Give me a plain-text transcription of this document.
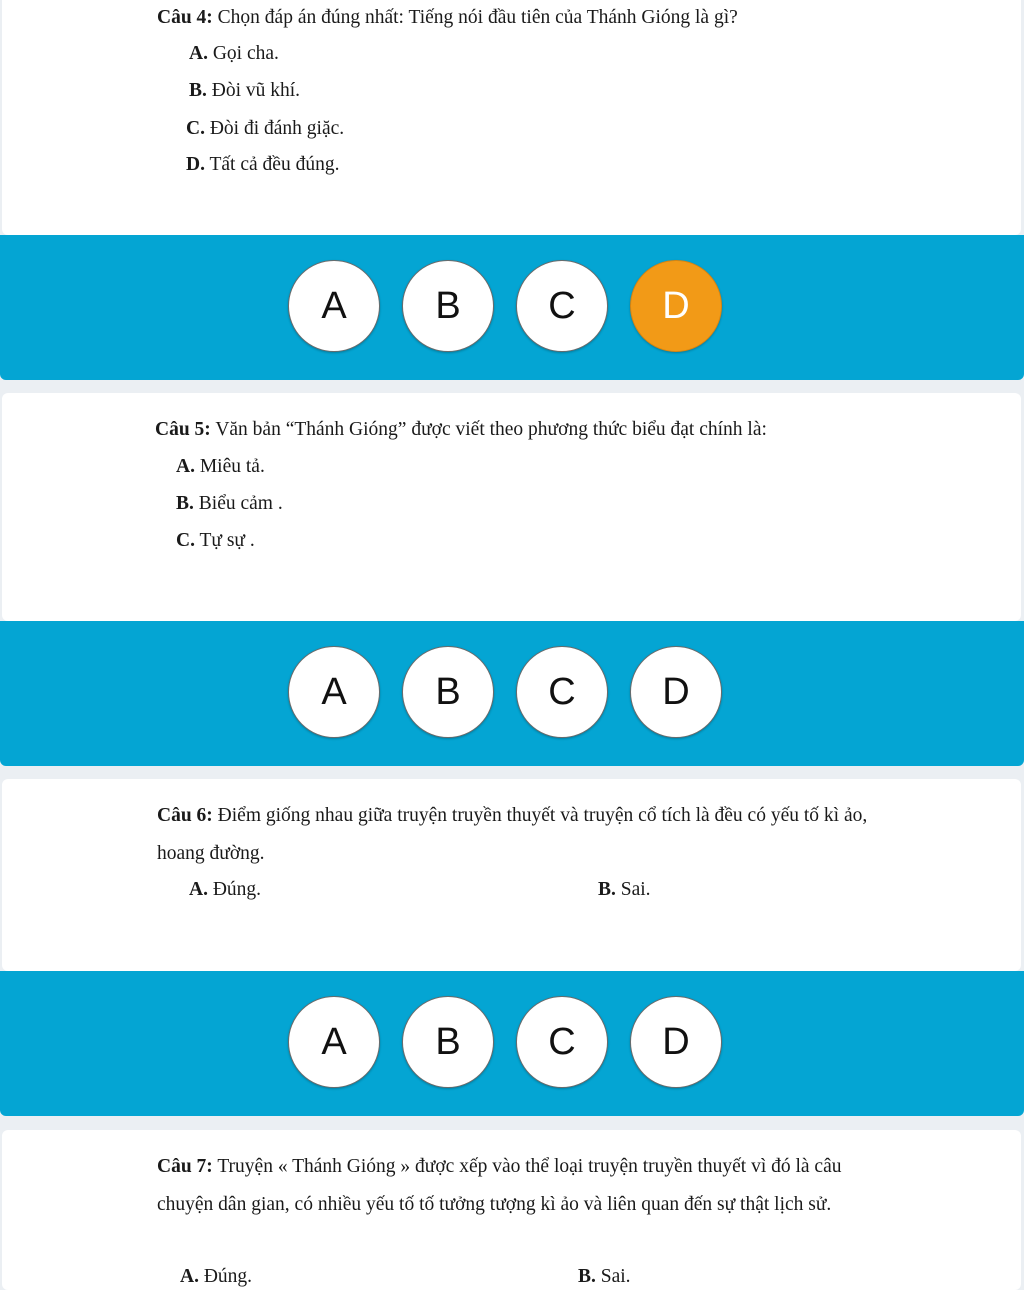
Câu 4: Chọn đáp án đúng nhất: Tiếng nói đầu tiên của Thánh Gióng là gì?
A. Gọi cha.
B. Đòi vũ khí.
C. Đòi đi đánh giặc.
D. Tất cả đều đúng.
A	B	C	D
Câu 5: Văn bản “Thánh Gióng” được viết theo phương thức biểu đạt chính là:
A. Miêu tả.
B. Biểu cảm .
C. Tự sự .
A	B	C	D
Câu 6: Điểm giống nhau giữa truyện truyền thuyết và truyện cổ tích là đều có yếu tố kì ảo, hoang đường.
A. Đúng.	B. Sai.
A	B	C	D
Câu 7: Truyện « Thánh Gióng » được xếp vào thể loại truyện truyền thuyết vì đó là câu chuyện dân gian, có nhiều yếu tố tố tưởng tượng kì ảo và liên quan đến sự thật lịch sử.
A. Đúng.	B. Sai.
